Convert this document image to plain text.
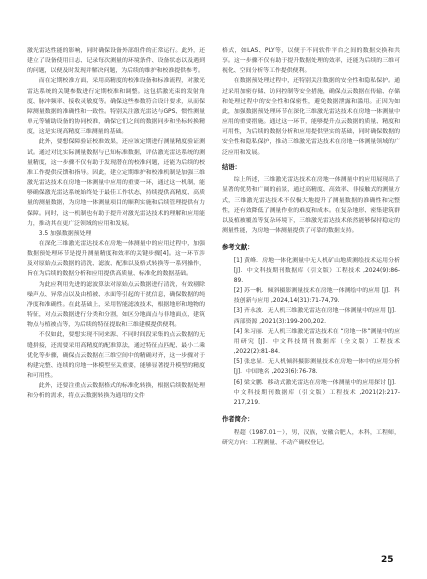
激光雷达性能的影响，同时确保设备外部组件的正常运行。此外，还建立了设备使用日志、记录每次测量的环境条件、设备状态以及遇到的问题，以便及时发现并解决问题，为后续的维护和校准提供参考。

而在定期校准方面，采用高精度的校准设备和标准流程，对激光雷达系统的关键参数进行定期校准和调整。这包括激光束的发射角度、脉冲频率、接收灵敏度等。确保这些参数符合设计要求，从而保障测量数据的准确性和一致性。特别关注激光雷达与GPS、惯性测量单元等辅助设备的协同校准，确保它们之间的数据同步和坐标转换精度，这是实现高精度三维测量的基础。

此外，要想保障验证校准效果，还应该定期进行测量精度验证测试。通过对比实际测量数据与已知标准数据，评估激光雷达系统的测量精度，这一步骤不仅有助于发现潜在的校准问题，还能为后续的校准工作提供反馈和指导。因此，建立定期维护和校准机制是加强三维激光雷达技术在房地一体测量中应用的重要一环，通过这一机制，能够确保激光雷达系统始终处于最佳工作状态，持续提供高精度、高质量的测量数据，为房地一体测量项目的顺利实施和后续管理提供有力保障。同时，这一机制也有助于提升对激光雷达技术的理解和应用能力，推动其在更广泛领域的应用和发展。

3.5 加强数据预处理

在深化三维激光雷达技术在房地一体测量中的应用过程中，加强数据预处理环节是提升测量精度和效率的关键步骤[4]。这一环节涉及对原始点云数据的清洗、滤波、配准以及格式转换等一系列操作，旨在为后续的数据分析和应用提供高质量、标准化的数据基础。

为此应利用先进的滤波算法对原始点云数据进行清洗，有效剔除噪声点、异常点以及由植被、水面等引起的干扰信息，确保数据的纯净度和准确性。在此基础上，采用智能滤波技术，根据地形和地物的特征，对点云数据进行分类和分割，如区分地面点与非地面点，建筑物点与植被点等，为后续的特征提取和三维建模提供便利。

不仅如此，要想实现不同来源、不同时间段采集的点云数据的无缝拼接，还需要采用高精度的配准算法，通过特征点匹配、最小二乘优化等步骤，确保点云数据在三维空间中的精确对齐，这一步骤对于构建完整、连续的房地一体模型至关重要，能够显著提升模型的精度和可用性。

此外，还要注重点云数据格式的标准化转换，根据后续数据处理和分析的需求，将点云数据转换为通用的文件

格式，如LAS、PLY等，以便于不同软件平台之间的数据交换和共享。这一步骤不仅有助于提升数据处理的效率，还能为后续的三维可视化、空间分析等工作提供便利。

在数据预处理过程中，还特别关注数据的安全性和隐私保护。通过采用加密存储、访问控制等安全措施，确保点云数据在传输、存储和处理过程中的安全性和保密性，避免数据泄露和滥用。正因为如此，加强数据预处理环节在深化三维激光雷达技术在房地一体测量中应用的重要措施。通过这一环节，能够提升点云数据的质量、精度和可用性，为后续的数据分析和应用提供坚实的基础，同时确保数据的安全性和隐私保护，推动三维激光雷达技术在房地一体测量领域的广泛应用和发展。

结语：

综上所述，三维激光雷达技术在房地一体测量中的应用展现出了显著的优势和广阔的前景，通过高精度、高效率、非接触式的测量方式，三维激光雷达技术不仅极大地提升了测量数据的准确性和完整性，还有效降低了测量作业的难度和成本。在复杂地形、密集建筑群以及植被覆盖等复杂环境下，三维激光雷达技术依然能够保持稳定的测量性能，为房地一体测量提供了可靠的数据支持。

参考文献：

[1] 黄峰．房地一体化测量中无人机矿山地质测绘技术运用分析 [J]．中文科技期刊数据库（引文版）工程技术 ,2024(9):86-89.

[2] 苏一帆．倾斜摄影测量技术在房地一体测绘中的应用 [J]．科技创新与应用 ,2024,14(31):71-74,79.

[3] 齐永波．无人机三维激光雷达在房地一体测量中的应用 [J]．西部资源 ,2021(3):199-200,202.

[4] 朱习丽．无人机三维激光雷达技术在 “房地一体”测量中的应用研究 [J]．中文科技期刊数据库（全文版）工程技术 ,2022(2):81-84.

[5] 张忠显．无人机倾斜摄影测量技术在房地一体中的应用分析 [J]．中国地名 ,2023(6):76-78.

[6] 梁文鹏．移动式激光雷达在房地一体测量中的应用探讨 [J]．中文科技期刊数据库（引文版）工程技术 ,2021(2):217-217,219.

作者简介：

程超（1987.01－），男，汉族，安徽合肥人，本科，工程师，研究方向：工程测量、不动产确权登记。

25
